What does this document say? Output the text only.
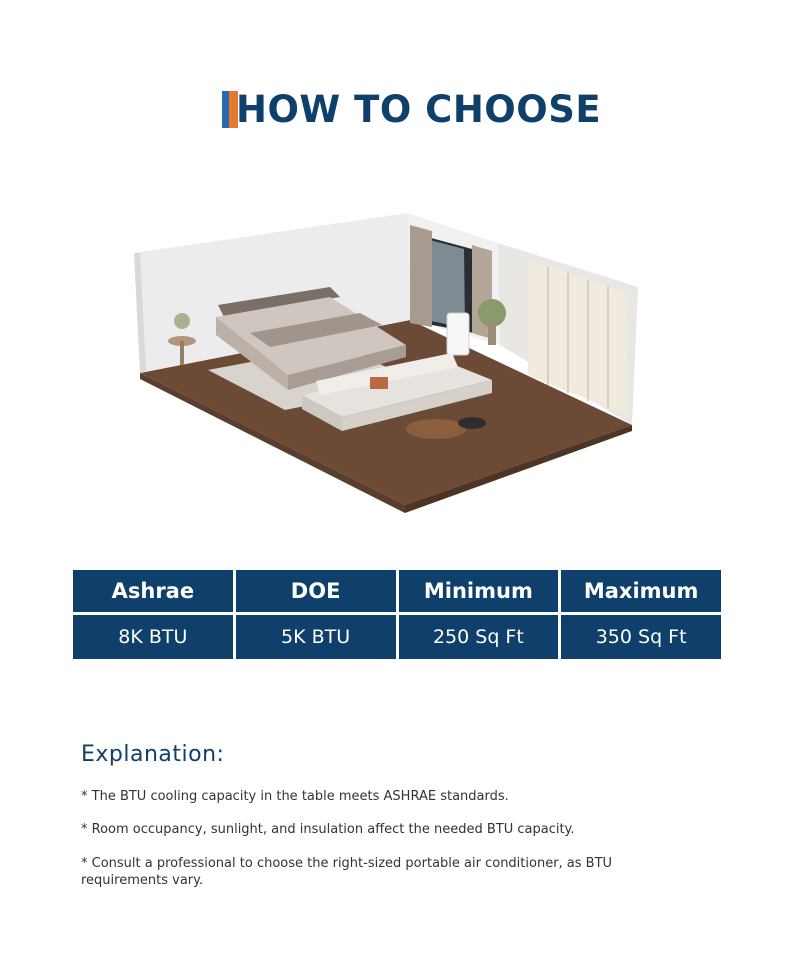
HOW TO CHOOSE
Ashrae	DOE	Minimum	Maximum
8K BTU	5K BTU	250 Sq Ft	350 Sq Ft
Explanation:

* The BTU cooling capacity in the table meets ASHRAE standards.

* Room occupancy, sunlight, and insulation affect the needed BTU capacity.

* Consult a professional to choose the right-sized portable air conditioner, as BTU requirements vary.
